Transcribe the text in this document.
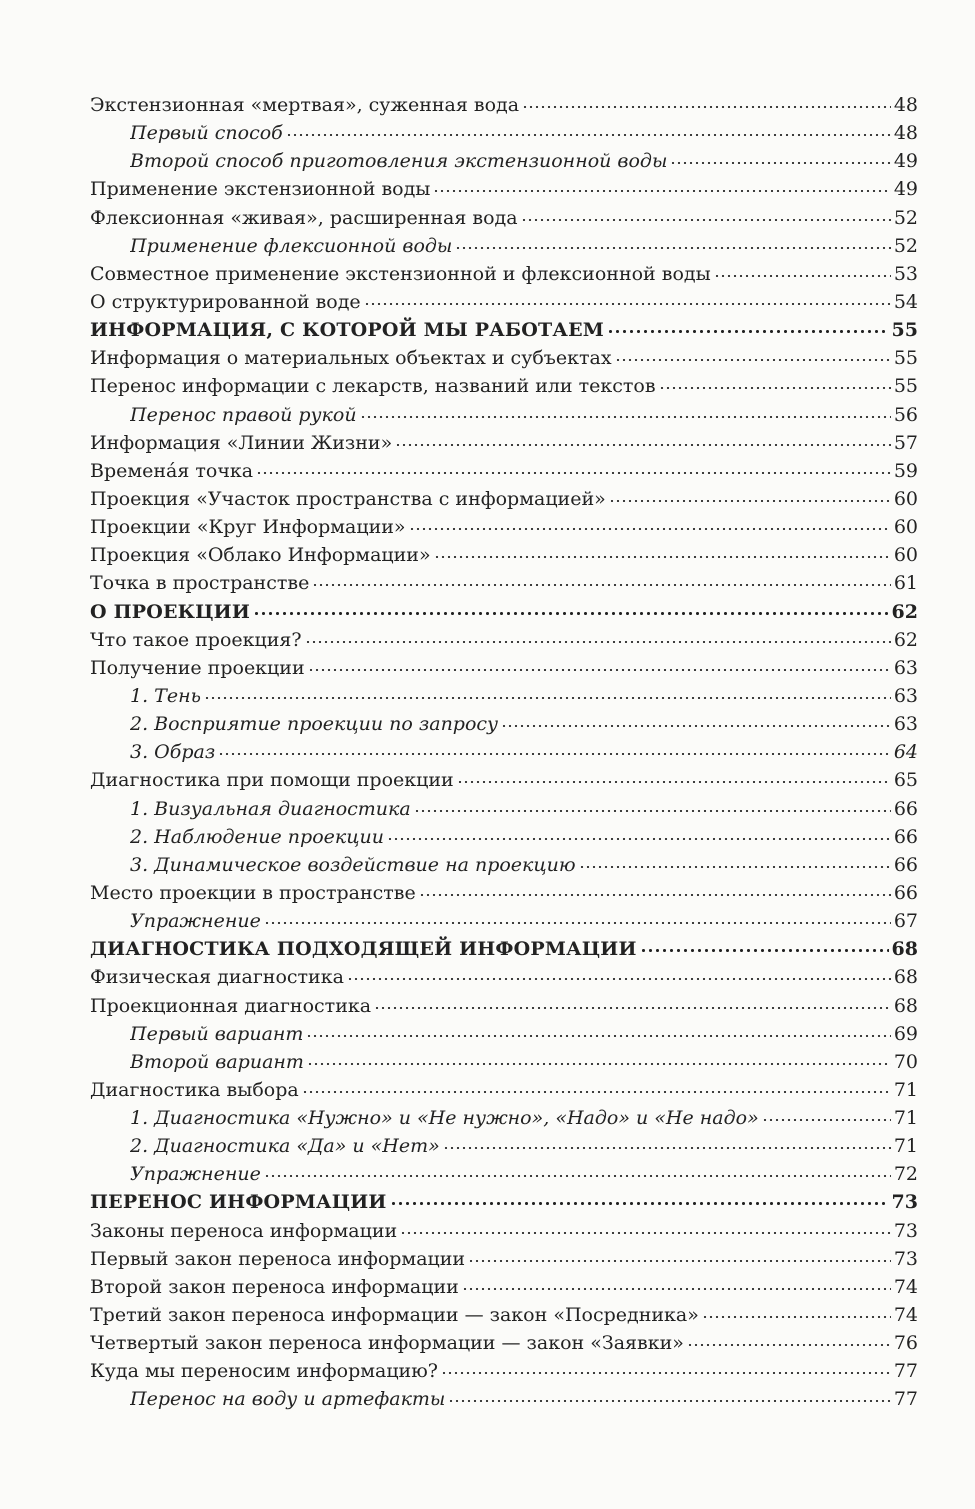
Экстензионная «мертвая», суженная вода	48
Первый способ	48
Второй способ приготовления экстензионной воды	49
Применение экстензионной воды	49
Флексионная «живая», расширенная вода	52
Применение флексионной воды	52
Совместное применение экстензионной и флексионной воды	53
О структурированной воде	54
ИНФОРМАЦИЯ, С КОТОРОЙ МЫ РАБОТАЕМ	55
Информация о материальных объектах и субъектах	55
Перенос информации с лекарств, названий или текстов	55
Перенос правой рукой	56
Информация «Линии Жизни»	57
Временáя точка	59
Проекция «Участок пространства с информацией»	60
Проекции «Круг Информации»	60
Проекция «Облако Информации»	60
Точка в пространстве	61
О ПРОЕКЦИИ	62
Что такое проекция?	62
Получение проекции	63
1. Тень	63
2. Восприятие проекции по запросу	63
3. Образ	64
Диагностика при помощи проекции	65
1. Визуальная диагностика	66
2. Наблюдение проекции	66
3. Динамическое воздействие на проекцию	66
Место проекции в пространстве	66
Упражнение	67
ДИАГНОСТИКА ПОДХОДЯЩЕЙ ИНФОРМАЦИИ	68
Физическая диагностика	68
Проекционная диагностика	68
Первый вариант	69
Второй вариант	70
Диагностика выбора	71
1. Диагностика «Нужно» и «Не нужно», «Надо» и «Не надо»	71
2. Диагностика «Да» и «Нет»	71
Упражнение	72
ПЕРЕНОС ИНФОРМАЦИИ	73
Законы переноса информации	73
Первый закон переноса информации	73
Второй закон переноса информации	74
Третий закон переноса информации — закон «Посредника»	74
Четвертый закон переноса информации — закон «Заявки»	76
Куда мы переносим информацию?	77
Перенос на воду и артефакты	77
